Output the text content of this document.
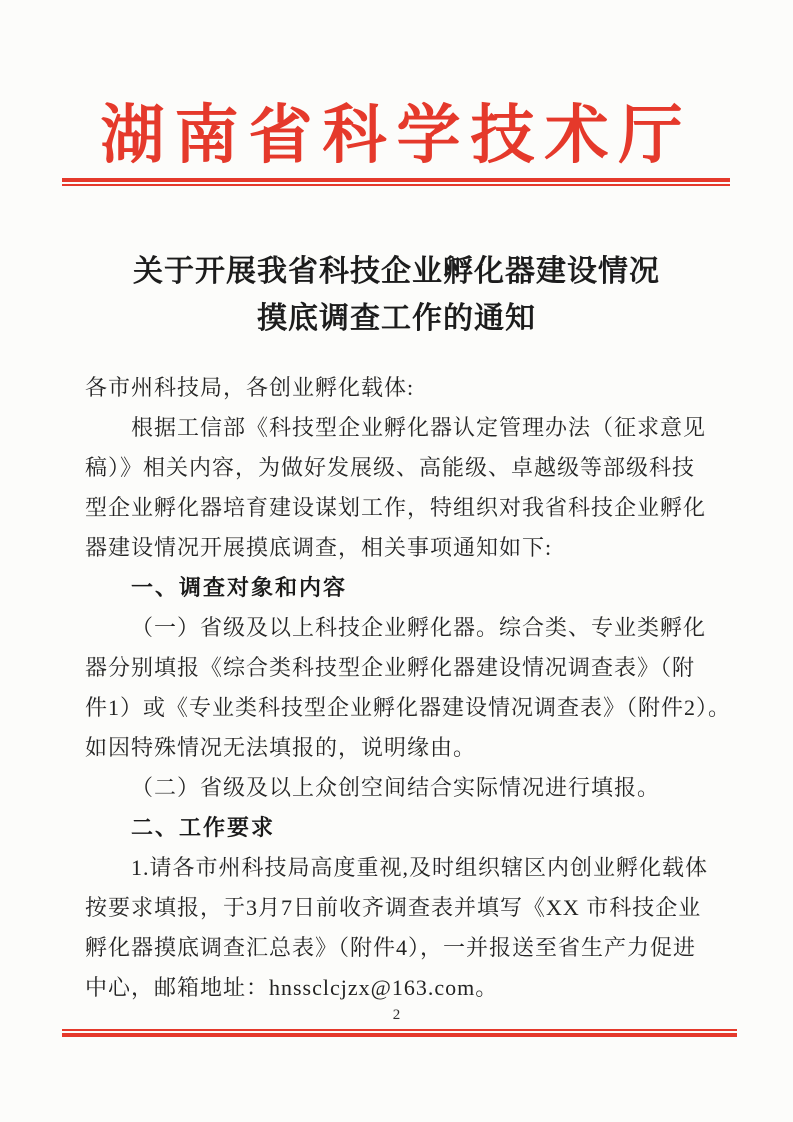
湖南省科学技术厅
关于开展我省科技企业孵化器建设情况
摸底调查工作的通知
各市州科技局，各创业孵化载体:
根据工信部《科技型企业孵化器认定管理办法（征求意见
稿）》相关内容，为做好发展级、高能级、卓越级等部级科技
型企业孵化器培育建设谋划工作，特组织对我省科技企业孵化
器建设情况开展摸底调查，相关事项通知如下:
一、调查对象和内容
（一）省级及以上科技企业孵化器。综合类、专业类孵化
器分别填报《综合类科技型企业孵化器建设情况调查表》（附
件1）或《专业类科技型企业孵化器建设情况调查表》（附件2）。
如因特殊情况无法填报的，说明缘由。
（二）省级及以上众创空间结合实际情况进行填报。
二、工作要求
1.请各市州科技局高度重视,及时组织辖区内创业孵化载体
按要求填报，于3月7日前收齐调查表并填写《XX 市科技企业
孵化器摸底调查汇总表》（附件4），一并报送至省生产力促进
中心，邮箱地址：hnssclcjzx@163.com。
2
